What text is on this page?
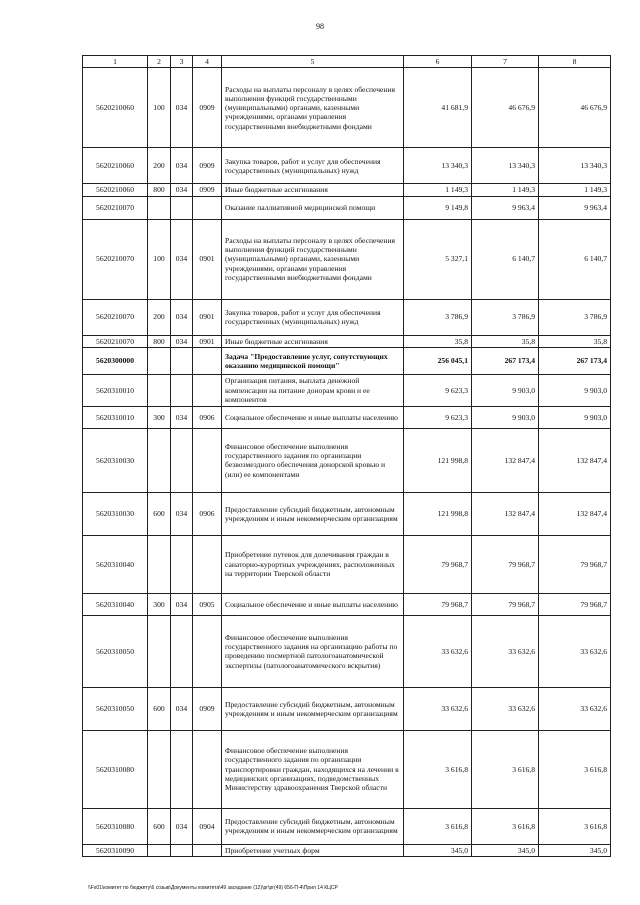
98
1	2	3	4	5	6	7	8
5620210060	100	034	0909	Расходы на выплаты персоналу в целях обеспечения выполнения функций государственными (муниципальными) органами, казенными учреждениями, органами управления государственными внебюджетными фондами	41 681,9	46 676,9	46 676,9
5620210060	200	034	0909	Закупка товаров, работ и услуг для обеспечения государственных (муниципальных) нужд	13 340,3	13 340,3	13 340,3
5620210060	800	034	0909	Иные бюджетные ассигнования	1 149,3	1 149,3	1 149,3
5620210070				Оказание паллиативной медицинской помощи	9 149,8	9 963,4	9 963,4
5620210070	100	034	0901	Расходы на выплаты персоналу в целях обеспечения выполнения функций государственными (муниципальными) органами, казенными учреждениями, органами управления государственными внебюджетными фондами	5 327,1	6 140,7	6 140,7
5620210070	200	034	0901	Закупка товаров, работ и услуг для обеспечения государственных (муниципальных) нужд	3 786,9	3 786,9	3 786,9
5620210070	800	034	0901	Иные бюджетные ассигнования	35,8	35,8	35,8
5620300000				Задача "Предоставление услуг, сопутствующих оказанию медицинской помощи"	256 045,1	267 173,4	267 173,4
5620310010				Организация питания, выплата денежной компенсации на питание донорам крови и ее компонентов	9 623,3	9 903,0	9 903,0
5620310010	300	034	0906	Социальное обеспечение и иные выплаты населению	9 623,3	9 903,0	9 903,0
5620310030				Финансовое обеспечение выполнения государственного задания по организации безвозмездного обеспечения донорской кровью и (или) ее компонентами	121 998,8	132 847,4	132 847,4
5620310030	600	034	0906	Предоставление субсидий бюджетным, автономным учреждениям и иным некоммерческим организациям	121 998,8	132 847,4	132 847,4
5620310040				Приобретение путевок для долечивания граждан в санаторно-курортных учреждениях, расположенных на территории Тверской области	79 968,7	79 968,7	79 968,7
5620310040	300	034	0905	Социальное обеспечение и иные выплаты населению	79 968,7	79 968,7	79 968,7
5620310050				Финансовое обеспечение выполнения государственного задания на организацию работы по проведению посмертной патологоанатомической экспертизы (патологоанатомического вскрытия)	33 632,6	33 632,6	33 632,6
5620310050	600	034	0909	Предоставление субсидий бюджетным, автономным учреждениям и иным некоммерческим организациям	33 632,6	33 632,6	33 632,6
5620310080				Финансовое обеспечение выполнения государственного задания по организации транспортировки граждан, находящихся на лечении в медицинских организациях, подведомственных Министерству здравоохранения Тверской области	3 616,8	3 616,8	3 616,8
5620310080	600	034	0904	Предоставление субсидий бюджетным, автономным учреждениям и иным некоммерческим организациям	3 616,8	3 616,8	3 616,8
5620310090				Приобретение учетных форм	345,0	345,0	345,0
\\Fs01\комитет по бюджету\6 созыв\Документы комитета\49 заседание (12)\рг\рг(49) 656-П-4\Прил 14 КЦСР
